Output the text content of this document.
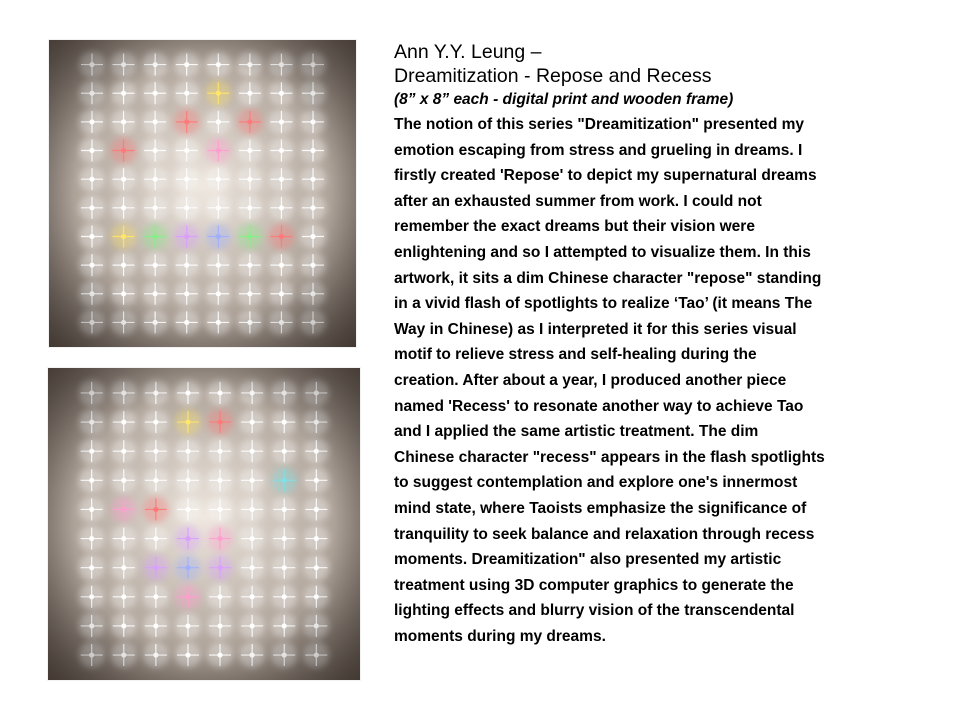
Ann Y.Y. Leung –
Dreamitization - Repose and Recess
(8” x 8” each - digital print and wooden frame)
The notion of this series "Dreamitization" presented my
emotion escaping from stress and grueling in dreams. I
firstly created 'Repose' to depict my supernatural dreams
after an exhausted summer from work. I could not
remember the exact dreams but their vision were
enlightening and so I attempted to visualize them. In this
artwork, it sits a dim Chinese character "repose" standing
in a vivid flash of spotlights to realize ‘Tao’ (it means The
Way in Chinese) as I interpreted it for this series visual
motif to relieve stress and self-healing during the
creation. After about a year, I produced another piece
named 'Recess' to resonate another way to achieve Tao
and I applied the same artistic treatment. The dim
Chinese character "recess" appears in the flash spotlights
to suggest contemplation and explore one's innermost
mind state, where Taoists emphasize the significance of
tranquility to seek balance and relaxation through recess
moments. Dreamitization" also presented my artistic
treatment using 3D computer graphics to generate the
lighting effects and blurry vision of the transcendental
moments during my dreams.
